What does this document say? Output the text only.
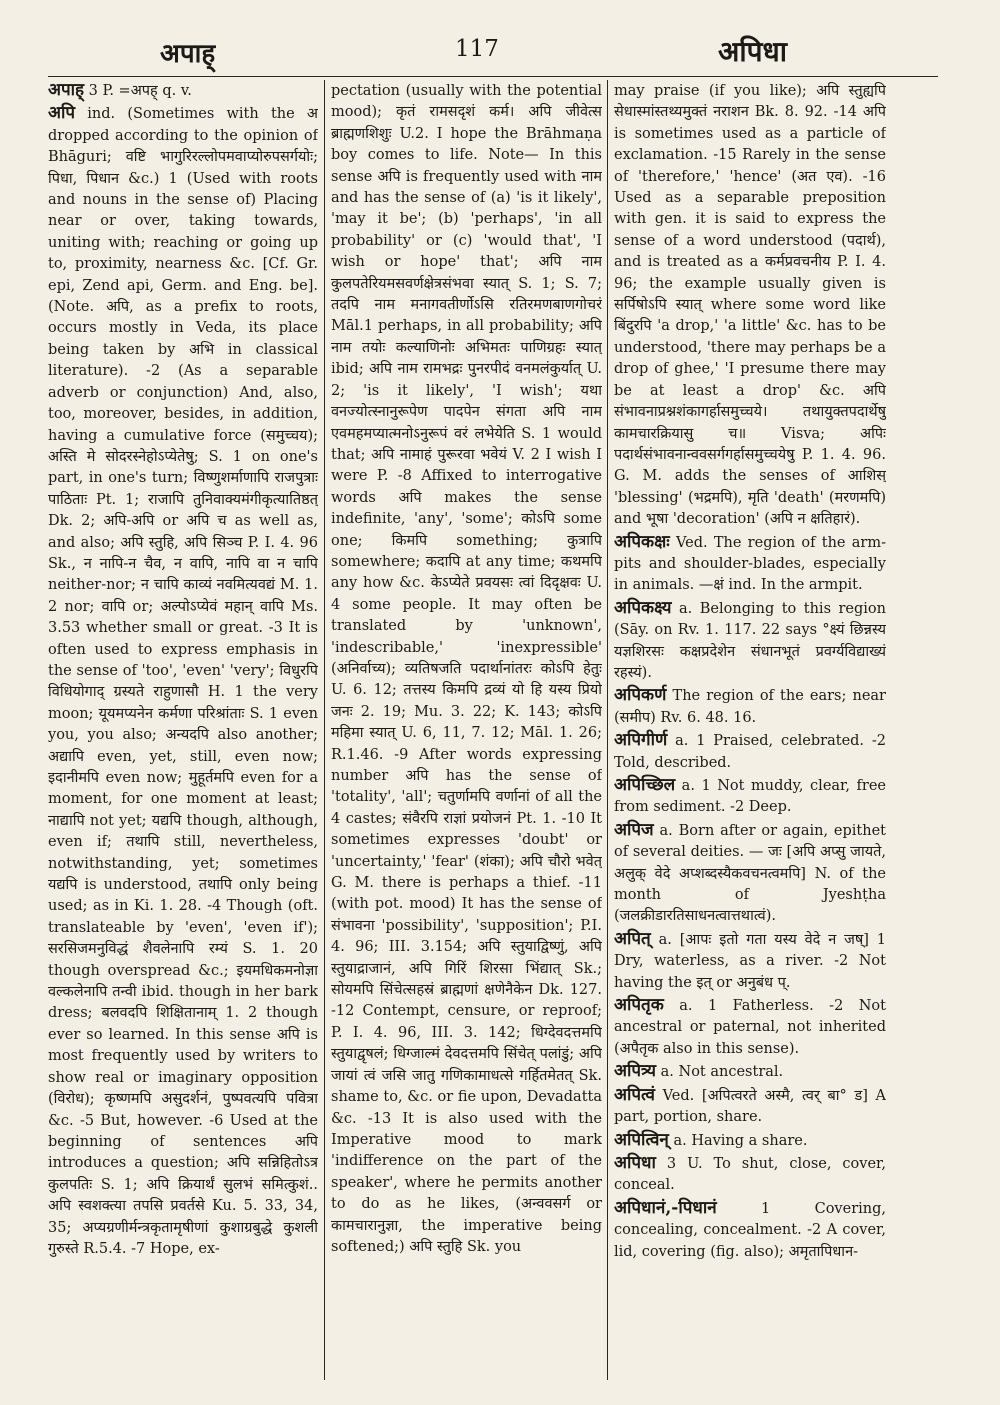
अपाह्	117	अपिधा

अपाह् 3 P. =अपह् q. v.

अपि ind. (Sometimes with the अ dropped according to the opinion of Bhāguri; वष्टि भागुरिरल्लोपमवाप्योरुपसर्गयोः; पिधा, पिधान &c.) 1 (Used with roots and nouns in the sense of) Placing near or over, taking towards, uniting with; reaching or going up to, proximity, nearness &c. [Cf. Gr. epi, Zend api, Germ. and Eng. be]. (Note. अपि, as a prefix to roots, occurs mostly in Veda, its place being taken by अभि in classical literature). -2 (As a separable adverb or conjunction) And, also, too, moreover, besides, in addition, having a cumulative force (समुच्चय); अस्ति मे सोदरस्नेहोऽप्येतेषु; S. 1 on one's part, in one's turn; विष्णुशर्माणापि राजपुत्राः पाठिताः Pt. 1; राजापि तुनिवाक्यमंगीकृत्यातिष्ठत् Dk. 2; अपि-अपि or अपि च as well as, and also; अपि स्तुहि, अपि सिञ्च P. I. 4. 96 Sk., न नापि-न चैव, न वापि, नापि वा न चापि neither-nor; न चापि काव्यं नवमित्यवद्यं M. 1. 2 nor; वापि or; अल्पोऽप्येवं महान् वापि Ms. 3.53 whether small or great. -3 It is often used to express emphasis in the sense of 'too', 'even' 'very'; विधुरपि विधियोगाद् ग्रस्यते राहुणासौ H. 1 the very moon; यूयमप्यनेन कर्मणा परिश्रांताः S. 1 even you, you also; अन्यदपि also another; अद्यापि even, yet, still, even now; इदानीमपि even now; मुहूर्तमपि even for a moment, for one moment at least; नाद्यापि not yet; यद्यपि though, although, even if; तथापि still, nevertheless, notwithstanding, yet; sometimes यद्यपि is understood, तथापि only being used; as in Ki. 1. 28. -4 Though (oft. translateable by 'even', 'even if'); सरसिजमनुविद्धं शैवलेनापि रम्यं S. 1. 20 though overspread &c.; इयमधिकमनोज्ञा वल्कलेनापि तन्वी ibid. though in her bark dress; बलवदपि शिक्षितानाम् 1. 2 though ever so learned. In this sense अपि is most frequently used by writers to show real or imaginary opposition (विरोध); कृष्णमपि असुदर्शनं, पुष्पवत्यपि पवित्रा &c. -5 But, however. -6 Used at the beginning of sentences अपि introduces a question; अपि सन्निहितोऽत्र कुलपतिः S. 1; अपि क्रियार्थं सुलभं समित्कुशं.. अपि स्वशक्त्या तपसि प्रवर्तसे Ku. 5. 33, 34, 35; अप्यग्रणीर्मन्त्रकृतामृषीणां कुशाग्रबुद्धे कुशली गुरुस्ते R.5.4. -7 Hope, ex-

pectation (usually with the potential mood); कृतं रामसदृशं कर्म। अपि जीवेत्स ब्राह्मणशिशुः U.2. I hope the Brāhmaṇa boy comes to life. Note— In this sense अपि is frequently used with नाम and has the sense of (a) 'is it likely', 'may it be'; (b) 'perhaps', 'in all probability' or (c) 'would that', 'I wish or hope' that'; अपि नाम कुलपतेरियमसवर्णक्षेत्रसंभवा स्यात् S. 1; S. 7; तदपि नाम मनागवतीर्णोऽसि रतिरमणबाणगोचरं Māl.1 perhaps, in all probability; अपि नाम तयोः कल्याणिनोः अभिमतः पाणिग्रहः स्यात् ibid; अपि नाम रामभद्रः पुनरपीदं वनमलंकुर्यात् U. 2; 'is it likely', 'I wish'; यथा वनज्योत्स्नानुरूपेण पादपेन संगता अपि नाम एवमहमप्यात्मनोऽनुरूपं वरं लभेयेति S. 1 would that; अपि नामाहं पुरूरवा भवेयं V. 2 I wish I were P. -8 Affixed to interrogative words अपि makes the sense indefinite, 'any', 'some'; कोऽपि some one; किमपि something; कुत्रापि somewhere; कदापि at any time; कथमपि any how &c. केऽप्येते प्रवयसः त्वां दिदृक्षवः U. 4 some people. It may often be translated by 'unknown', 'indescribable,' 'inexpressible' (अनिर्वाच्य); व्यतिषजति पदार्थानांतरः कोऽपि हेतुः U. 6. 12; तत्तस्य किमपि द्रव्यं यो हि यस्य प्रियो जनः 2. 19; Mu. 3. 22; K. 143; कोऽपि महिमा स्यात् U. 6, 11, 7. 12; Māl. 1. 26; R.1.46. -9 After words expressing number अपि has the sense of 'totality', 'all'; चतुर्णामपि वर्णानां of all the 4 castes; संवैरपि राज्ञां प्रयोजनं Pt. 1. -10 It sometimes expresses 'doubt' or 'uncertainty,' 'fear' (शंका); अपि चौरो भवेत् G. M. there is perhaps a thief. -11 (with pot. mood) It has the sense of संभावना 'possibility', 'supposition'; P.I. 4. 96; III. 3.154; अपि स्तुयाद्विष्णुं, अपि स्तुयाद्राजानं, अपि गिरिं शिरसा भिंद्यात् Sk.; सोयमपि सिंचेत्सहस्रं ब्राह्मणां क्षणेनैकेन Dk. 127. -12 Contempt, censure, or reproof; P. I. 4. 96, III. 3. 142; धिग्देवदत्तमपि स्तुयाद्वृषलं; धिग्जाल्मं देवदत्तमपि सिंचेत् पलांडुं; अपि जायां त्वं जसि जातु गणिकामाधत्से गर्हितमेतत् Sk. shame to, &c. or fie upon, Devadatta &c. -13 It is also used with the Imperative mood to mark 'indifference on the part of the speaker', where he permits another to do as he likes, (अन्ववसर्ग or कामचारानुज्ञा, the imperative being softened;) अपि स्तुहि Sk. you

may praise (if you like); अपि स्तुह्यपि सेधास्मांस्तथ्यमुक्तं नराशन Bk. 8. 92. -14 अपि is sometimes used as a particle of exclamation. -15 Rarely in the sense of 'therefore,' 'hence' (अत एव). -16 Used as a separable preposition with gen. it is said to express the sense of a word understood (पदार्थ), and is treated as a कर्मप्रवचनीय P. I. 4. 96; the example usually given is सर्पिषोऽपि स्यात् where some word like बिंदुरपि 'a drop,' 'a little' &c. has to be understood, 'there may perhaps be a drop of ghee,' 'I presume there may be at least a drop' &c. अपि संभावनाप्रश्नशंकागर्हासमुच्चये। तथायुक्तपदार्थेषु कामचारक्रियासु च॥ Visva; अपिः पदार्थसंभावनान्ववसर्गगर्हासमुच्चयेषु P. 1. 4. 96. G. M. adds the senses of आशिस् 'blessing' (भद्रमपि), मृति 'death' (मरणमपि) and भूषा 'decoration' (अपि न क्षतिहारं).

अपिकक्षः Ved. The region of the arm-pits and shoulder-blades, especially in animals. —क्षं ind. In the armpit.

अपिकक्ष्य a. Belonging to this region (Sāy. on Rv. 1. 117. 22 says °क्ष्यं छिन्नस्य यज्ञशिरसः कक्षप्रदेशेन संधानभूतं प्रवर्ग्यविद्याख्यं रहस्यं).

अपिकर्ण The region of the ears; near (समीप) Rv. 6. 48. 16.

अपिगीर्ण a. 1 Praised, celebrated. -2 Told, described.

अपिच्छिल a. 1 Not muddy, clear, free from sediment. -2 Deep.

अपिज a. Born after or again, epithet of several deities. — जः [अपि अप्सु जायते, अलुक् वेदे अप्शब्दस्यैकवचनत्वमपि] N. of the month of Jyeshṭha (जलक्रीडारतिसाधनत्वात्तथात्वं).

अपित् a. [आपः इतो गता यस्य वेदे न जष्] 1 Dry, waterless, as a river. -2 Not having the इत् or अनुबंध प्.

अपितृक a. 1 Fatherless. -2 Not ancestral or paternal, not inherited (अपैतृक also in this sense).

अपित्र्य a. Not ancestral.

अपित्वं Ved. [अपित्वरते अस्मै, त्वर् बा° ड] A part, portion, share.

अपित्विन् a. Having a share.

अपिधा 3 U. To shut, close, cover, conceal.

अपिधानं,-पिधानं 1 Covering, concealing, concealment. -2 A cover, lid, covering (fig. also); अमृतापिधान-
